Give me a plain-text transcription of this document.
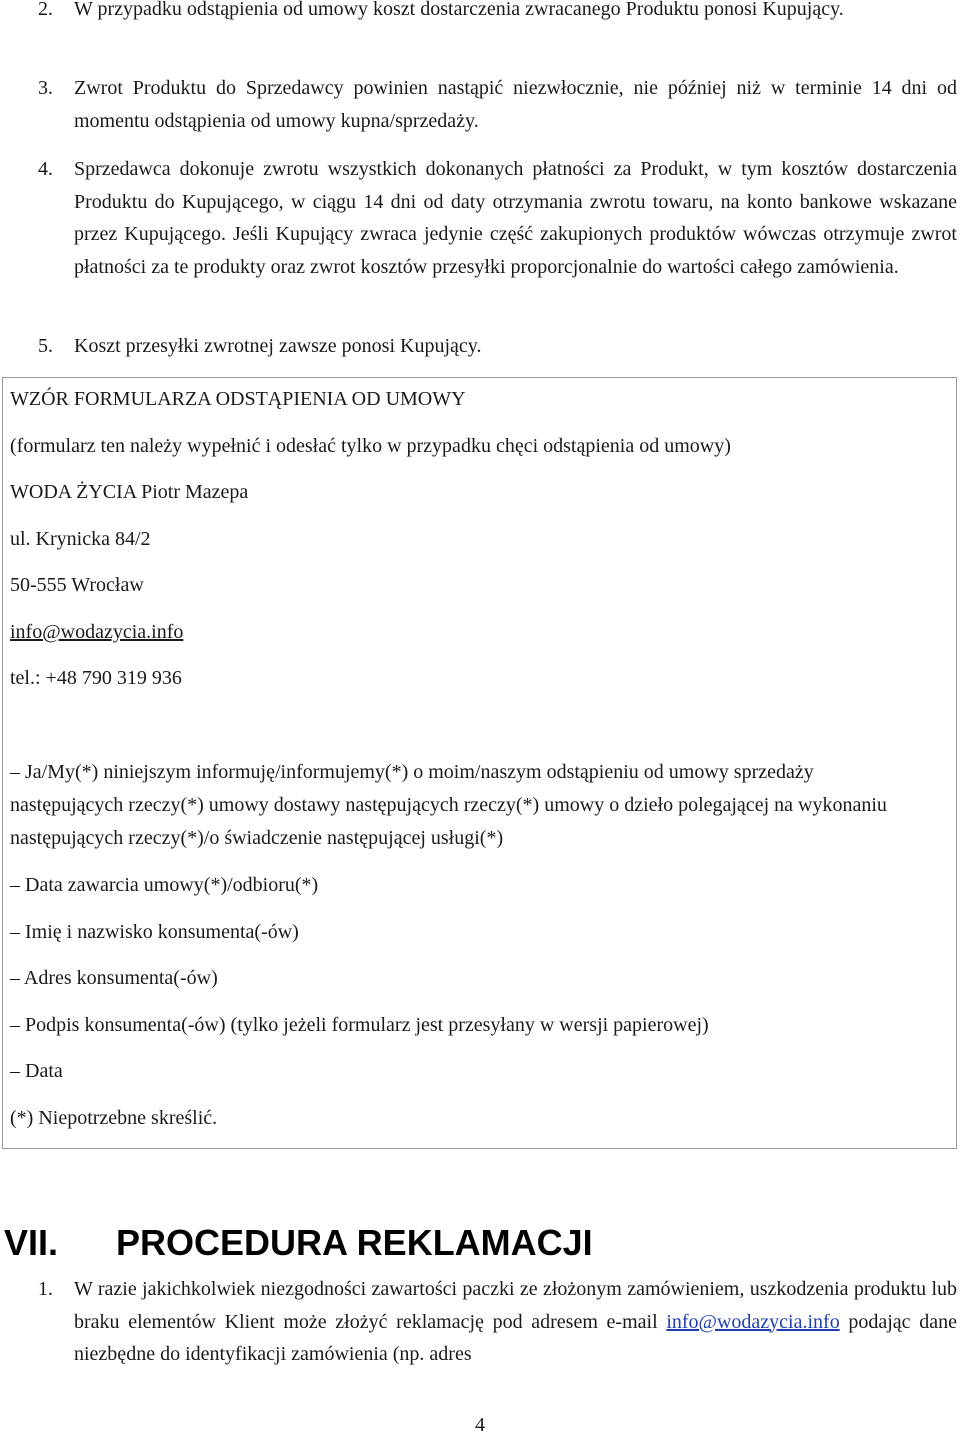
2.	W przypadku odstąpienia od umowy koszt dostarczenia zwracanego Produktu ponosi Kupujący.
3.	Zwrot Produktu do Sprzedawcy powinien nastąpić niezwłocznie, nie później niż w terminie 14 dni od momentu odstąpienia od umowy kupna/sprzedaży.
4.	Sprzedawca dokonuje zwrotu wszystkich dokonanych płatności za Produkt, w tym kosztów dostarczenia Produktu do Kupującego, w ciągu 14 dni od daty otrzymania zwrotu towaru, na konto bankowe wskazane przez Kupującego. Jeśli Kupujący zwraca jedynie część zakupionych produktów wówczas otrzymuje zwrot płatności za te produkty oraz zwrot kosztów przesyłki proporcjonalnie do wartości całego zamówienia.
5.	Koszt przesyłki zwrotnej zawsze ponosi Kupujący.
WZÓR FORMULARZA ODSTĄPIENIA OD UMOWY
(formularz ten należy wypełnić i odesłać tylko w przypadku chęci odstąpienia od umowy)
WODA ŻYCIA Piotr Mazepa
ul. Krynicka 84/2
50-555 Wrocław
info@wodazycia.info
tel.: +48 790 319 936
– Ja/My(*) niniejszym informuję/informujemy(*) o moim/naszym odstąpieniu od umowy sprzedaży następujących rzeczy(*) umowy dostawy następujących rzeczy(*) umowy o dzieło polegającej na wykonaniu następujących rzeczy(*)/o świadczenie następującej usługi(*)
– Data zawarcia umowy(*)/odbioru(*)
– Imię i nazwisko konsumenta(-ów)
– Adres konsumenta(-ów)
– Podpis konsumenta(-ów) (tylko jeżeli formularz jest przesyłany w wersji papierowej)
– Data
(*) Niepotrzebne skreślić.
VII. PROCEDURA REKLAMACJI
1.	W razie jakichkolwiek niezgodności zawartości paczki ze złożonym zamówieniem, uszkodzenia produktu lub braku elementów Klient może złożyć reklamację pod adresem e-mail info@wodazycia.info podając dane niezbędne do identyfikacji zamówienia (np. adres
4
